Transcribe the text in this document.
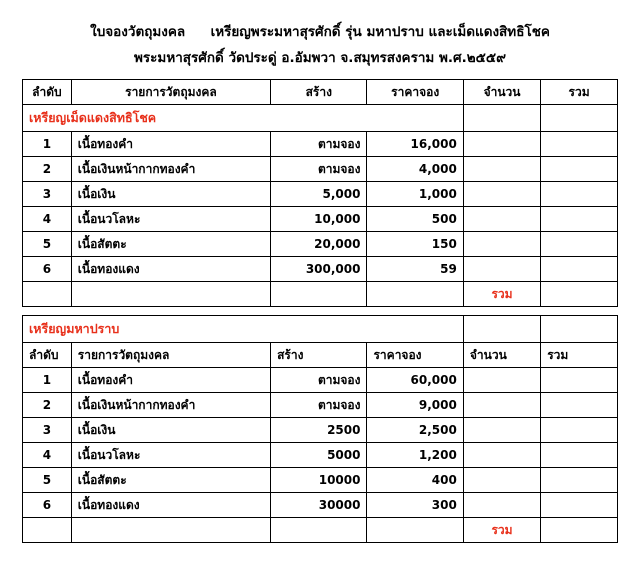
ใบจองวัตถุมงคล เหรียญพระมหาสุรศักดิ์ รุ่น มหาปราบ และเม็ดแดงสิทธิโชค
พระมหาสุรศักดิ์ วัดประดู่ อ.อัมพวา จ.สมุทรสงคราม พ.ศ.๒๕๕๙
ลำดับ	รายการวัตถุมงคล	สร้าง	ราคาจอง	จำนวน	รวม
เหรียญเม็ดแดงสิทธิโชค					
1	เนื้อทองคำ	ตามจอง	16,000		
2	เนื้อเงินหน้ากากทองคำ	ตามจอง	4,000		
3	เนื้อเงิน	5,000	1,000		
4	เนื้อนวโลหะ	10,000	500		
5	เนื้อสัตตะ	20,000	150		
6	เนื้อทองแดง	300,000	59		
				รวม	
เหรียญมหาปราบ					
ลำดับ	รายการวัตถุมงคล	สร้าง	ราคาจอง	จำนวน	รวม
1	เนื้อทองคำ	ตามจอง	60,000		
2	เนื้อเงินหน้ากากทองคำ	ตามจอง	9,000		
3	เนื้อเงิน	2500	2,500		
4	เนื้อนวโลหะ	5000	1,200		
5	เนื้อสัตตะ	10000	400		
6	เนื้อทองแดง	30000	300		
				รวม	
